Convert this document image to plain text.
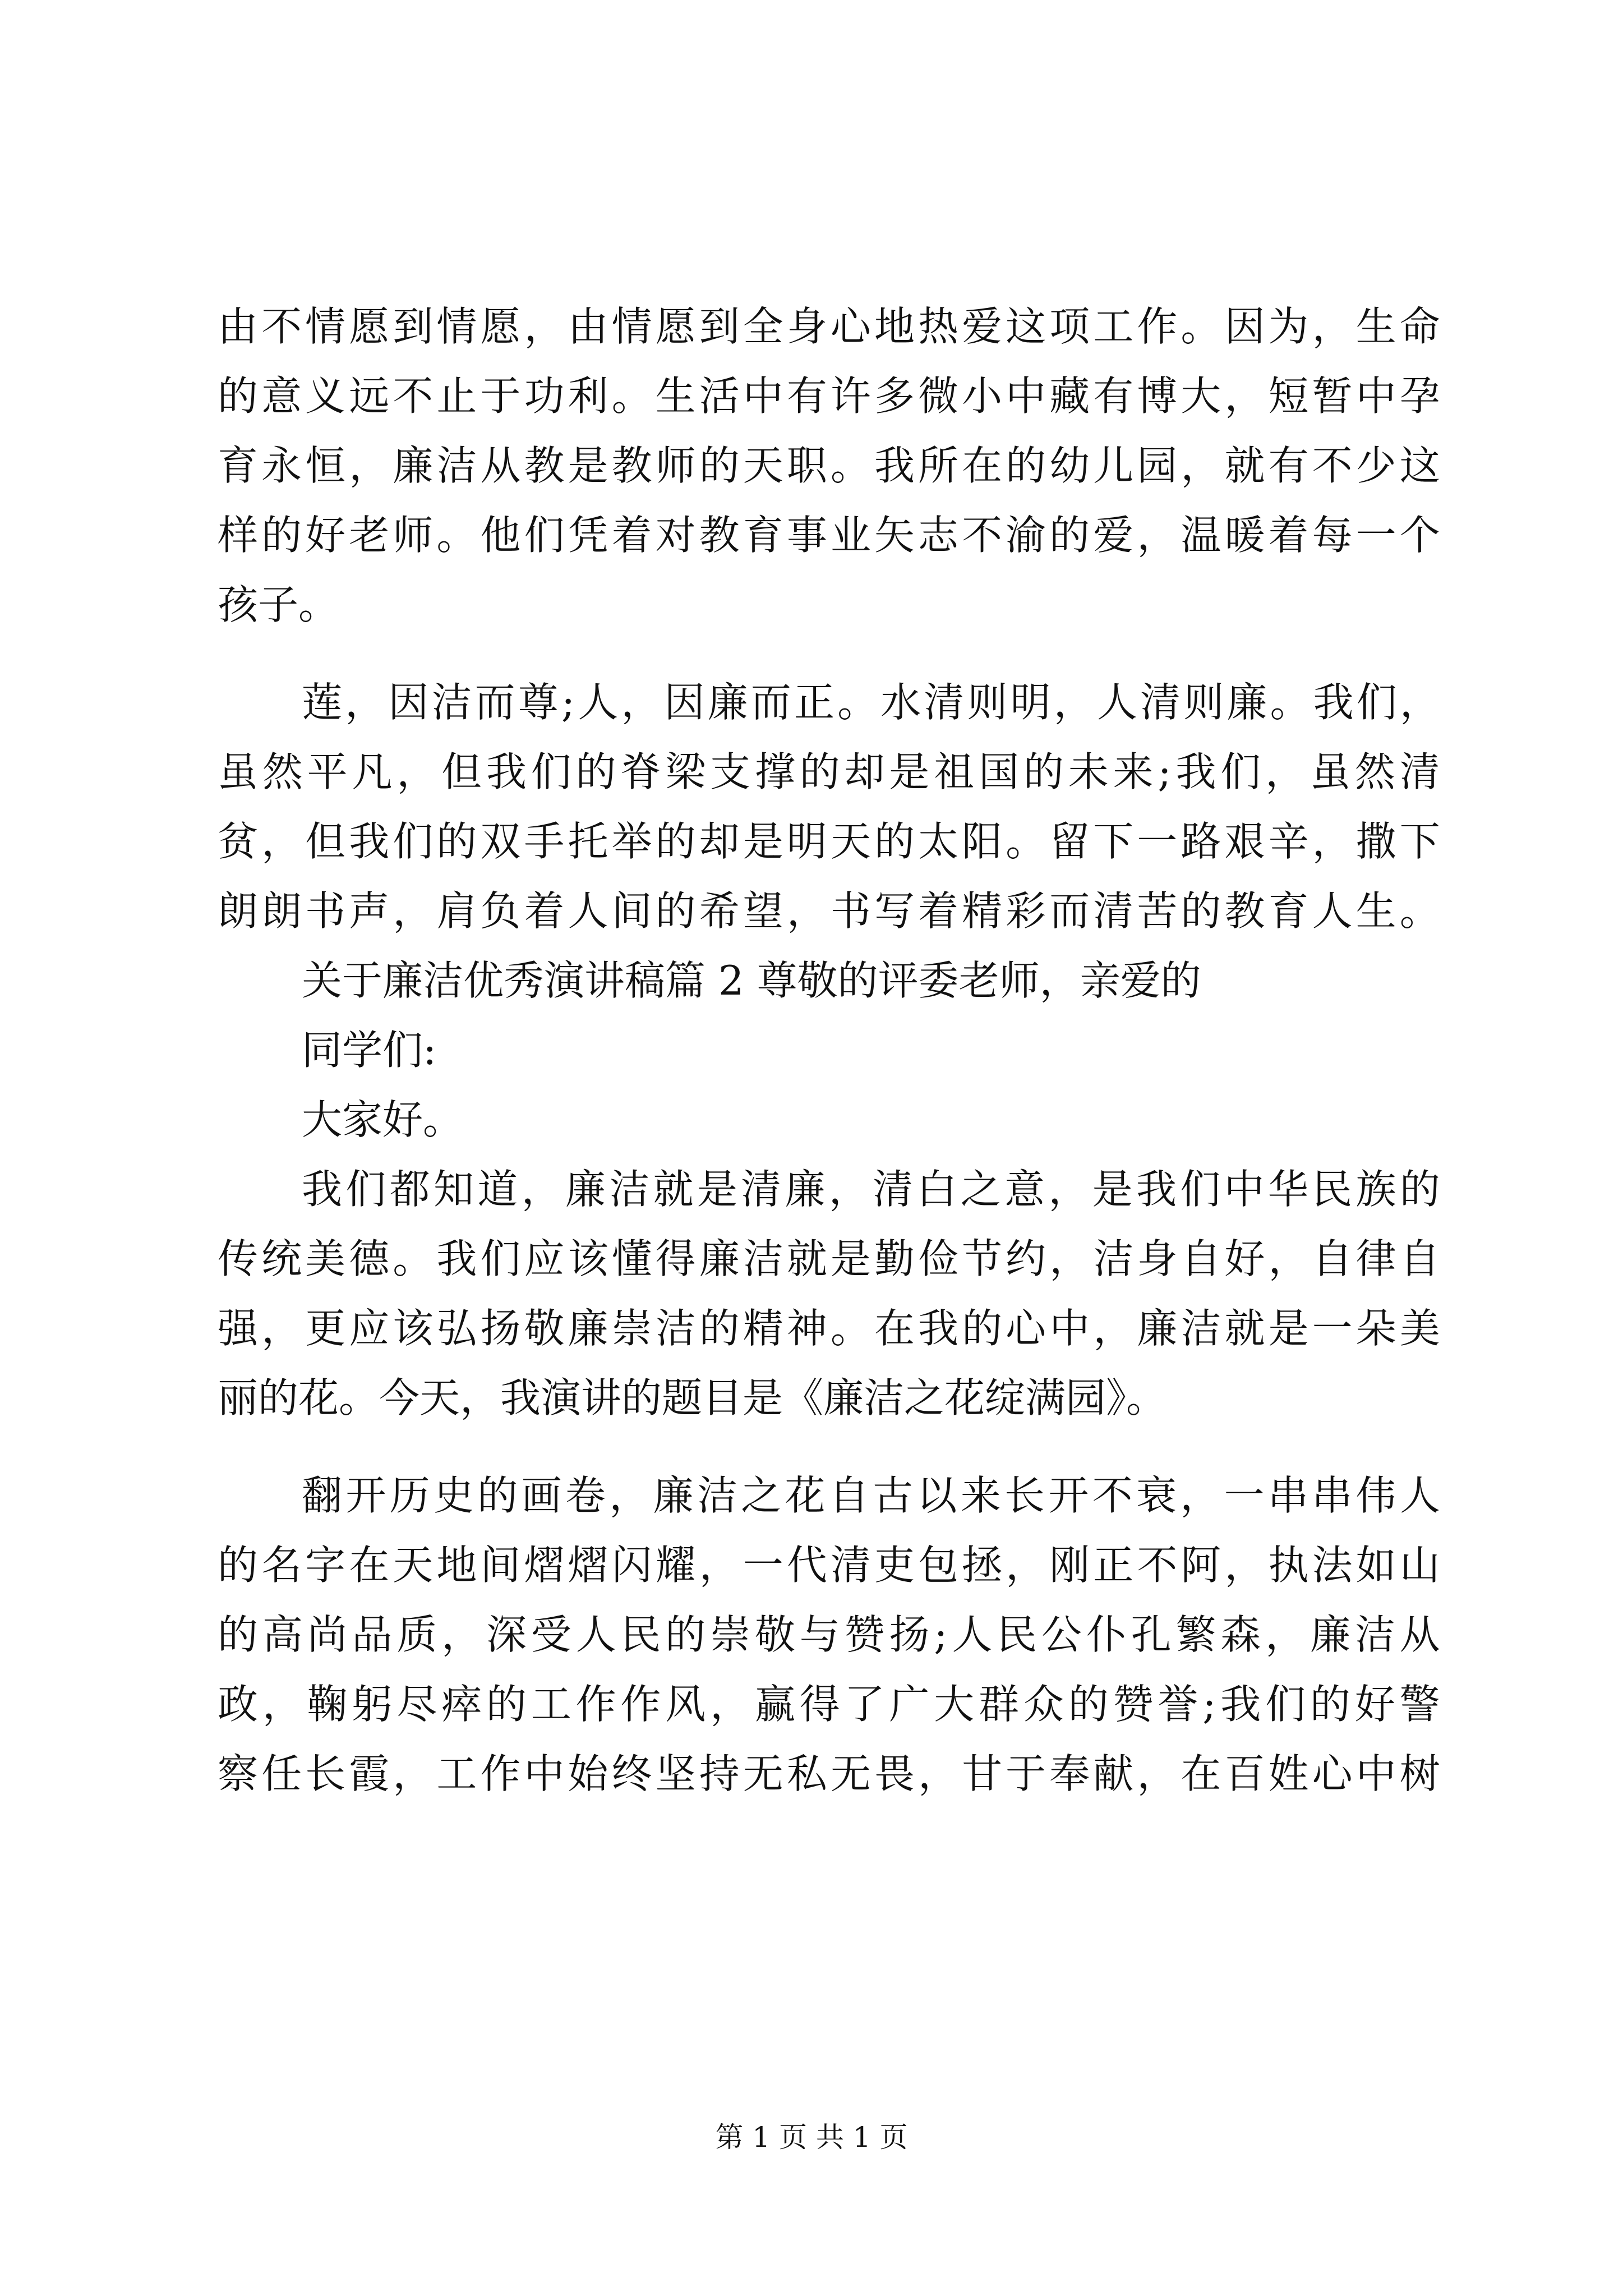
由 不 情 愿 到 情 愿 ， 由 情 愿 到 全 身 心 地 热 爱 这 项 工 作 。 因 为 ， 生 命
的 意 义 远 不 止 于 功 利 。 生 活 中 有 许 多 微 小 中 藏 有 博 大 ， 短 暂 中 孕
育 永 恒 ， 廉 洁 从 教 是 教 师 的 天 职 。 我 所 在 的 幼 儿 园 ， 就 有 不 少 这
样 的 好 老 师 。 他 们 凭 着 对 教 育 事 业 矢 志 不 渝 的 爱 ， 温 暖 着 每 一 个
孩子。
莲 ， 因 洁 而 尊 ; 人 ， 因 廉 而 正 。 水 清 则 明 ， 人 清 则 廉 。 我 们 ，
虽 然 平 凡 ， 但 我 们 的 脊 梁 支 撑 的 却 是 祖 国 的 未 来 ; 我 们 ， 虽 然 清
贫 ， 但 我 们 的 双 手 托 举 的 却 是 明 天 的 太 阳 。 留 下 一 路 艰 辛 ， 撒 下
朗 朗 书 声 ， 肩 负 着 人 间 的 希 望 ， 书 写 着 精 彩 而 清 苦 的 教 育 人 生 。
关于廉洁优秀演讲稿篇 2 尊敬的评委老师，亲爱的
同学们:
大家好。
我 们 都 知 道 ， 廉 洁 就 是 清 廉 ， 清 白 之 意 ， 是 我 们 中 华 民 族 的
传 统 美 德 。 我 们 应 该 懂 得 廉 洁 就 是 勤 俭 节 约 ， 洁 身 自 好 ， 自 律 自
强 ， 更 应 该 弘 扬 敬 廉 崇 洁 的 精 神 。 在 我 的 心 中 ， 廉 洁 就 是 一 朵 美
丽的花。今天，我演讲的题目是《廉洁之花绽满园》。
翻 开 历 史 的 画 卷 ， 廉 洁 之 花 自 古 以 来 长 开 不 衰 ， 一 串 串 伟 人
的 名 字 在 天 地 间 熠 熠 闪 耀 ， 一 代 清 吏 包 拯 ， 刚 正 不 阿 ， 执 法 如 山
的 高 尚 品 质 ， 深 受 人 民 的 崇 敬 与 赞 扬 ; 人 民 公 仆 孔 繁 森 ， 廉 洁 从
政 ， 鞠 躬 尽 瘁 的 工 作 作 风 ， 赢 得 了 广 大 群 众 的 赞 誉 ; 我 们 的 好 警
察 任 长 霞 ， 工 作 中 始 终 坚 持 无 私 无 畏 ， 甘 于 奉 献 ， 在 百 姓 心 中 树
第 1 页 共 1 页
